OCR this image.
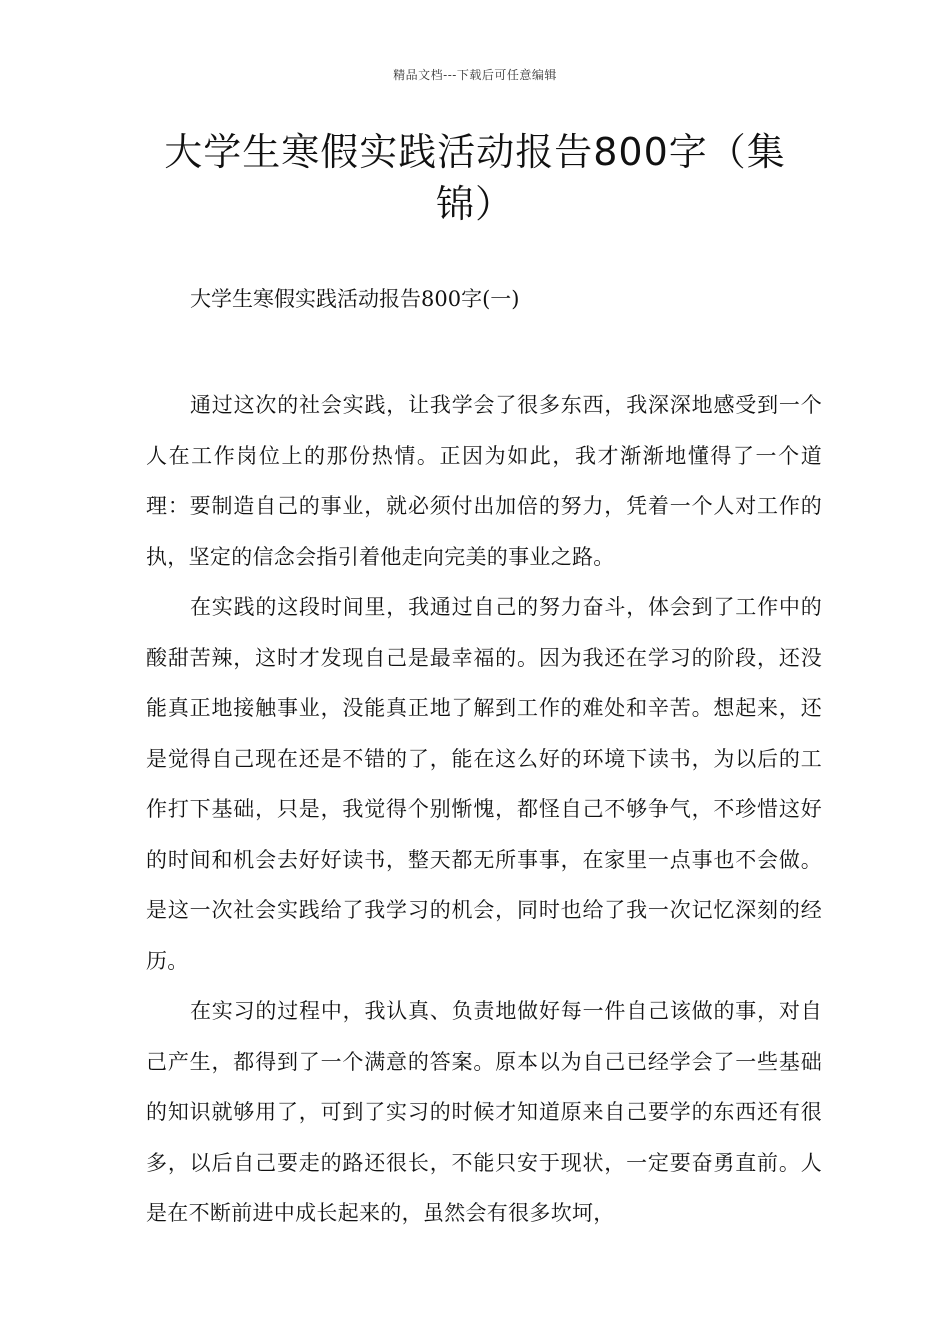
精品文档---下载后可任意编辑
大学生寒假实践活动报告800字（集锦）

大学生寒假实践活动报告800字(一)

通过这次的社会实践，让我学会了很多东西，我深深地感受到一个人在工作岗位上的那份热情。正因为如此，我才渐渐地懂得了一个道理：要制造自己的事业，就必须付出加倍的努力，凭着一个人对工作的执，坚定的信念会指引着他走向完美的事业之路。

在实践的这段时间里，我通过自己的努力奋斗，体会到了工作中的酸甜苦辣，这时才发现自己是最幸福的。因为我还在学习的阶段，还没能真正地接触事业，没能真正地了解到工作的难处和辛苦。想起来，还是觉得自己现在还是不错的了，能在这么好的环境下读书，为以后的工作打下基础，只是，我觉得个别惭愧，都怪自己不够争气，不珍惜这好的时间和机会去好好读书，整天都无所事事，在家里一点事也不会做。是这一次社会实践给了我学习的机会，同时也给了我一次记忆深刻的经历。

在实习的过程中，我认真、负责地做好每一件自己该做的事，对自己产生，都得到了一个满意的答案。原本以为自己已经学会了一些基础的知识就够用了，可到了实习的时候才知道原来自己要学的东西还有很多，以后自己要走的路还很长，不能只安于现状，一定要奋勇直前。人是在不断前进中成长起来的，虽然会有很多坎坷，
